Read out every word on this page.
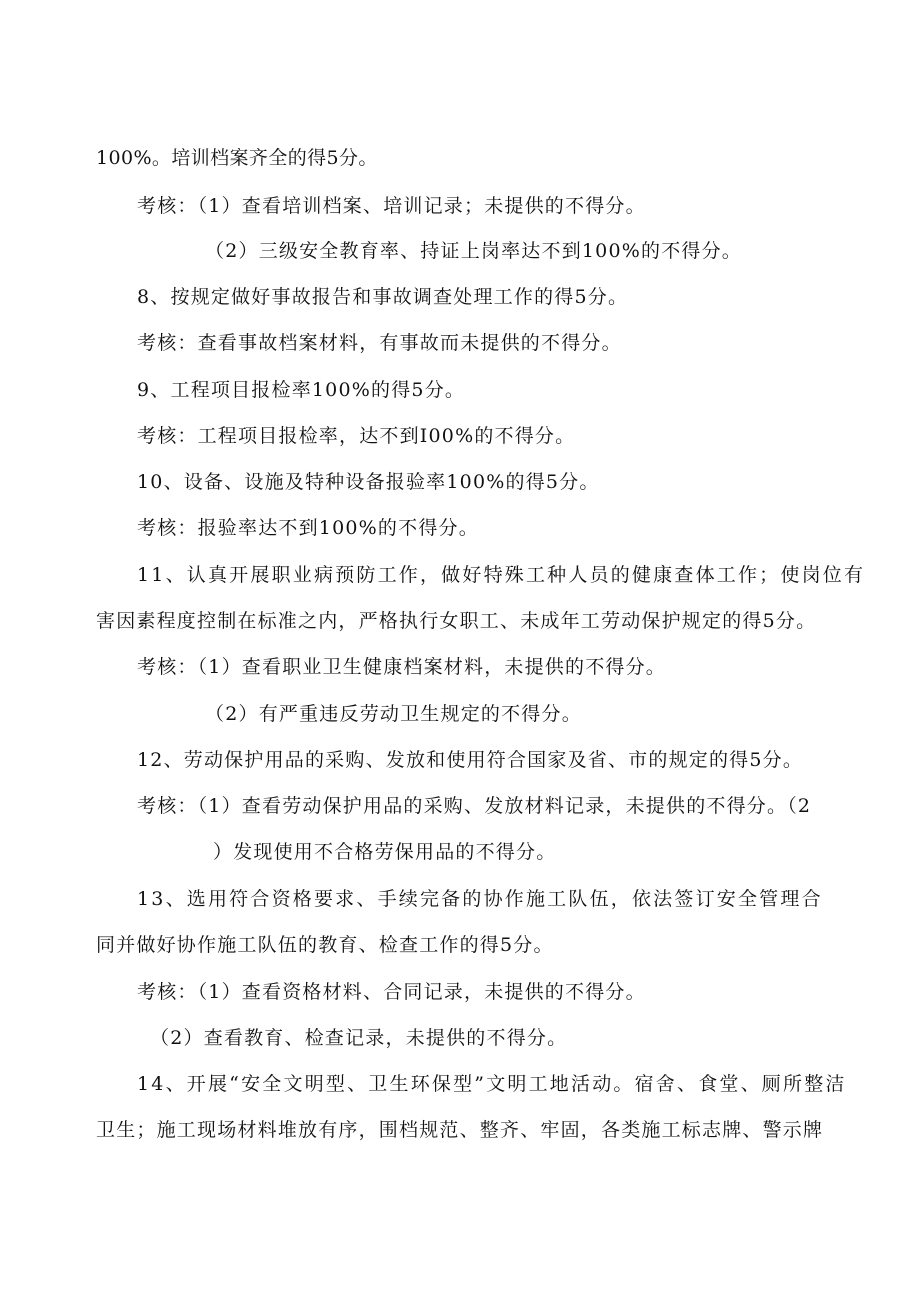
100%。培训档案齐全的得5分。
考核：（1）查看培训档案、培训记录；未提供的不得分。
（2）三级安全教育率、持证上岗率达不到100%的不得分。
8、按规定做好事故报告和事故调查处理工作的得5分。
考核：查看事故档案材料，有事故而未提供的不得分。
9、工程项目报检率100%的得5分。
考核：工程项目报检率，达不到I00%的不得分。
10、设备、设施及特种设备报验率100%的得5分。
考核：报验率达不到100%的不得分。
11、认真开展职业病预防工作，做好特殊工种人员的健康查体工作；使岗位有
害因素程度控制在标准之内，严格执行女职工、未成年工劳动保护规定的得5分。
考核：（1）查看职业卫生健康档案材料，未提供的不得分。
（2）有严重违反劳动卫生规定的不得分。
12、劳动保护用品的采购、发放和使用符合国家及省、市的规定的得5分。
考核：（1）查看劳动保护用品的采购、发放材料记录，未提供的不得分。（2
）发现使用不合格劳保用品的不得分。
13、选用符合资格要求、手续完备的协作施工队伍，依法签订安全管理合
同并做好协作施工队伍的教育、检查工作的得5分。
考核：（1）查看资格材料、合同记录，未提供的不得分。
（2）查看教育、检查记录，未提供的不得分。
14、开展“安全文明型、卫生环保型”文明工地活动。宿舍、食堂、厕所整洁
卫生；施工现场材料堆放有序，围档规范、整齐、牢固，各类施工标志牌、警示牌
